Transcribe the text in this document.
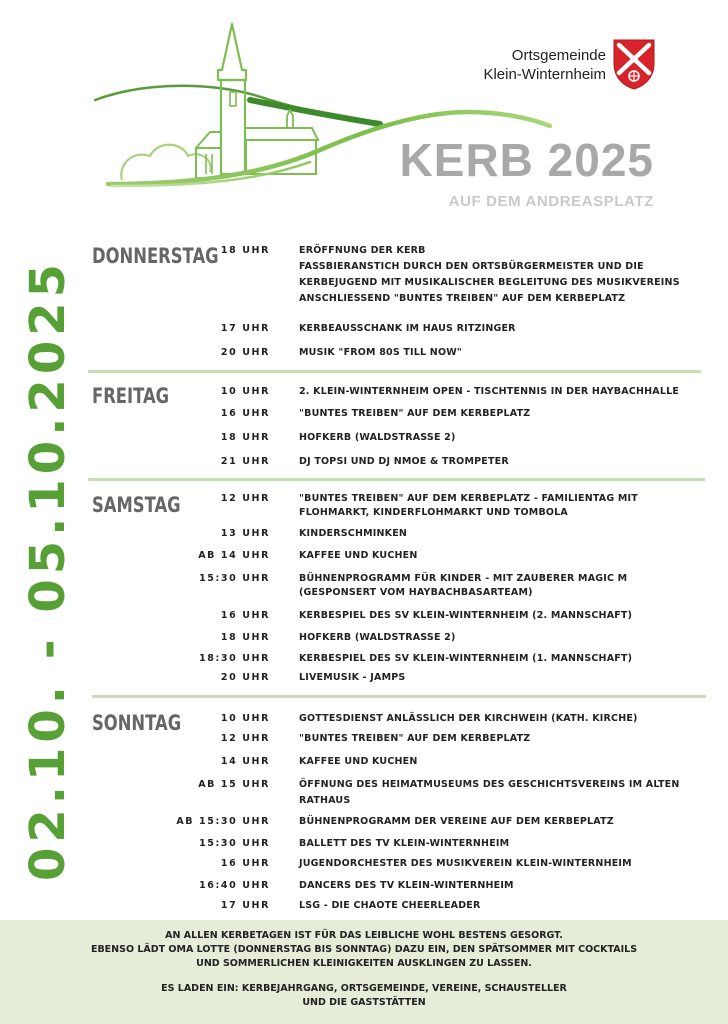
Ortsgemeinde
Klein-Winternheim
KERB 2025
AUF DEM ANDREASPLATZ
02.10. - 05.10.2025
DONNERSTAG 18 UHR	ERÖFFNUNG DER KERB
FASSBIERANSTICH DURCH DEN ORTSBÜRGERMEISTER UND DIE
KERBEJUGEND MIT MUSIKALISCHER BEGLEITUNG DES MUSIKVEREINS
ANSCHLIESSEND "BUNTES TREIBEN" AUF DEM KERBEPLATZ
17 UHR	KERBEAUSSCHANK IM HAUS RITZINGER
20 UHR	MUSIK "FROM 80S TILL NOW"
FREITAG	10 UHR	2. KLEIN-WINTERNHEIM OPEN - TISCHTENNIS IN DER HAYBACHHALLE
16 UHR	"BUNTES TREIBEN" AUF DEM KERBEPLATZ
18 UHR	HOFKERB (WALDSTRASSE 2)
21 UHR	DJ TOPSI UND DJ NMOE & TROMPETER
SAMSTAG	12 UHR	"BUNTES TREIBEN" AUF DEM KERBEPLATZ - FAMILIENTAG MIT
FLOHMARKT, KINDERFLOHMARKT UND TOMBOLA
13 UHR	KINDERSCHMINKEN
AB 14 UHR	KAFFEE UND KUCHEN
15:30 UHR	BÜHNENPROGRAMM FÜR KINDER - MIT ZAUBERER MAGIC M
(GESPONSERT VOM HAYBACHBASARTEAM)
16 UHR	KERBESPIEL DES SV KLEIN-WINTERNHEIM (2. MANNSCHAFT)
18 UHR	HOFKERB (WALDSTRASSE 2)
18:30 UHR	KERBESPIEL DES SV KLEIN-WINTERNHEIM (1. MANNSCHAFT)
20 UHR	LIVEMUSIK - JAMPS
SONNTAG	10 UHR	GOTTESDIENST ANLÄSSLICH DER KIRCHWEIH (KATH. KIRCHE)
12 UHR	"BUNTES TREIBEN" AUF DEM KERBEPLATZ
14 UHR	KAFFEE UND KUCHEN
AB 15 UHR	ÖFFNUNG DES HEIMATMUSEUMS DES GESCHICHTSVEREINS IM ALTEN
RATHAUS
AB 15:30 UHR	BÜHNENPROGRAMM DER VEREINE AUF DEM KERBEPLATZ
15:30 UHR	BALLETT DES TV KLEIN-WINTERNHEIM
16 UHR	JUGENDORCHESTER DES MUSIKVEREIN KLEIN-WINTERNHEIM
16:40 UHR	DANCERS DES TV KLEIN-WINTERNHEIM
17 UHR	LSG - DIE CHAOTE CHEERLEADER
AN ALLEN KERBETAGEN IST FÜR DAS LEIBLICHE WOHL BESTENS GESORGT.
EBENSO LÄDT OMA LOTTE (DONNERSTAG BIS SONNTAG) DAZU EIN, DEN SPÄTSOMMER MIT COCKTAILS
UND SOMMERLICHEN KLEINIGKEITEN AUSKLINGEN ZU LASSEN.
ES LADEN EIN: KERBEJAHRGANG, ORTSGEMEINDE, VEREINE, SCHAUSTELLER
UND DIE GASTSTÄTTEN
